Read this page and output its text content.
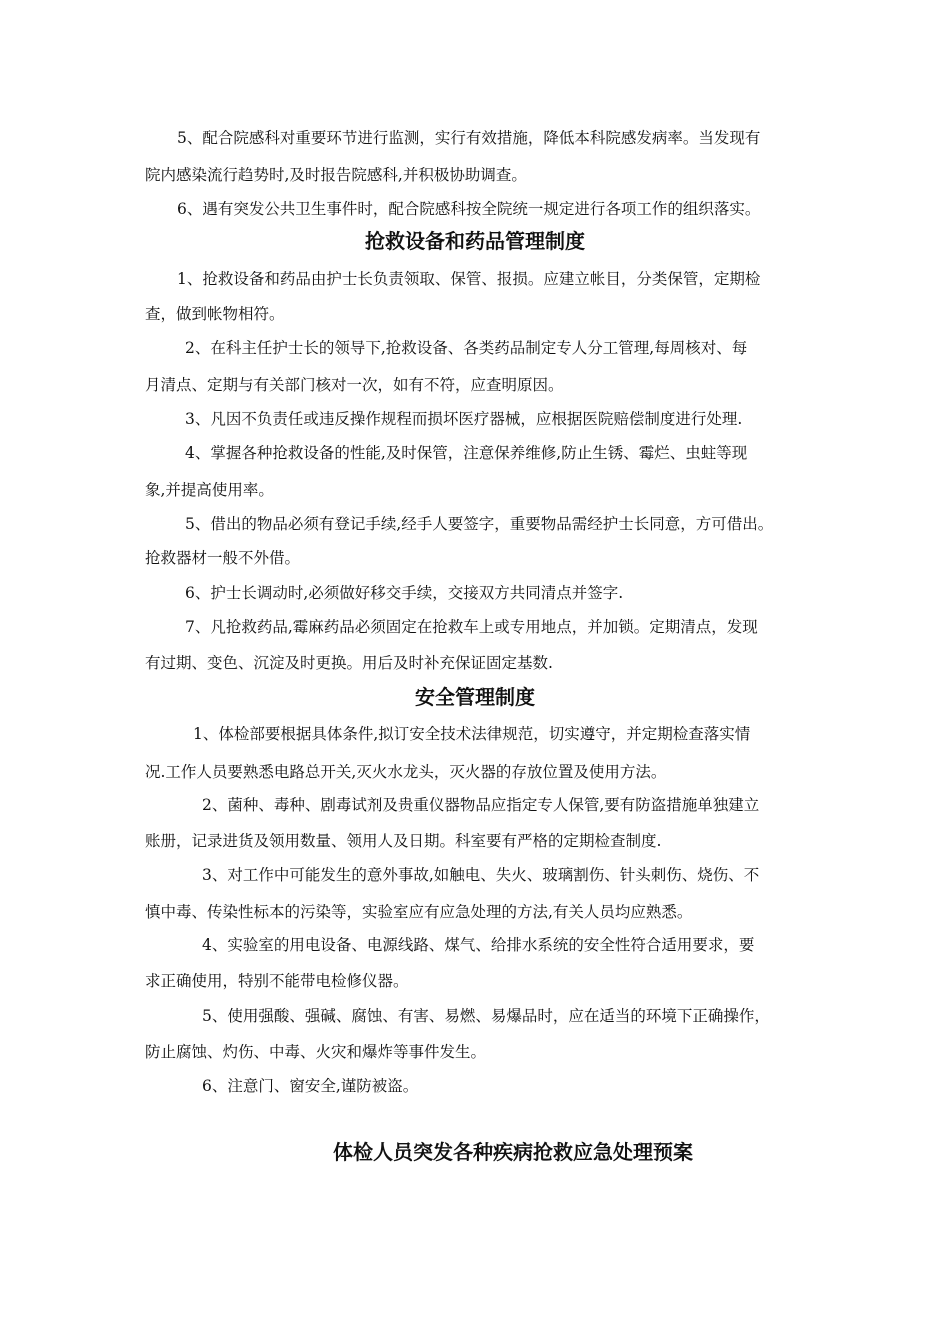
5、配合院感科对重要环节进行监测，实行有效措施，降低本科院感发病率。当发现有

院内感染流行趋势时,及时报告院感科,并积极协助调查。

6、遇有突发公共卫生事件时，配合院感科按全院统一规定进行各项工作的组织落实。

抢救设备和药品管理制度

1、抢救设备和药品由护士长负责领取、保管、报损。应建立帐目，分类保管，定期检

查，做到帐物相符。

2、在科主任护士长的领导下,抢救设备、各类药品制定专人分工管理,每周核对、每

月清点、定期与有关部门核对一次，如有不符，应查明原因。

3、凡因不负责任或违反操作规程而损坏医疗器械，应根据医院赔偿制度进行处理.

4、掌握各种抢救设备的性能,及时保管，注意保养维修,防止生锈、霉烂、虫蛀等现

象,并提高使用率。

5、借出的物品必须有登记手续,经手人要签字，重要物品需经护士长同意，方可借出。

抢救器材一般不外借。

6、护士长调动时,必须做好移交手续，交接双方共同清点并签字.

7、凡抢救药品,霉麻药品必须固定在抢救车上或专用地点，并加锁。定期清点，发现

有过期、变色、沉淀及时更换。用后及时补充保证固定基数.

安全管理制度

1、体检部要根据具体条件,拟订安全技术法律规范，切实遵守，并定期检查落实情

况.工作人员要熟悉电路总开关,灭火水龙头，灭火器的存放位置及使用方法。

2、菌种、毒种、剧毒试剂及贵重仪器物品应指定专人保管,要有防盗措施单独建立

账册，记录进货及领用数量、领用人及日期。科室要有严格的定期检查制度.

3、对工作中可能发生的意外事故,如触电、失火、玻璃割伤、针头刺伤、烧伤、不

慎中毒、传染性标本的污染等，实验室应有应急处理的方法,有关人员均应熟悉。

4、实验室的用电设备、电源线路、煤气、给排水系统的安全性符合适用要求，要

求正确使用，特别不能带电检修仪器。

5、使用强酸、强碱、腐蚀、有害、易燃、易爆品时，应在适当的环境下正确操作，

防止腐蚀、灼伤、中毒、火灾和爆炸等事件发生。

6、注意门、窗安全,谨防被盗。

体检人员突发各种疾病抢救应急处理预案
